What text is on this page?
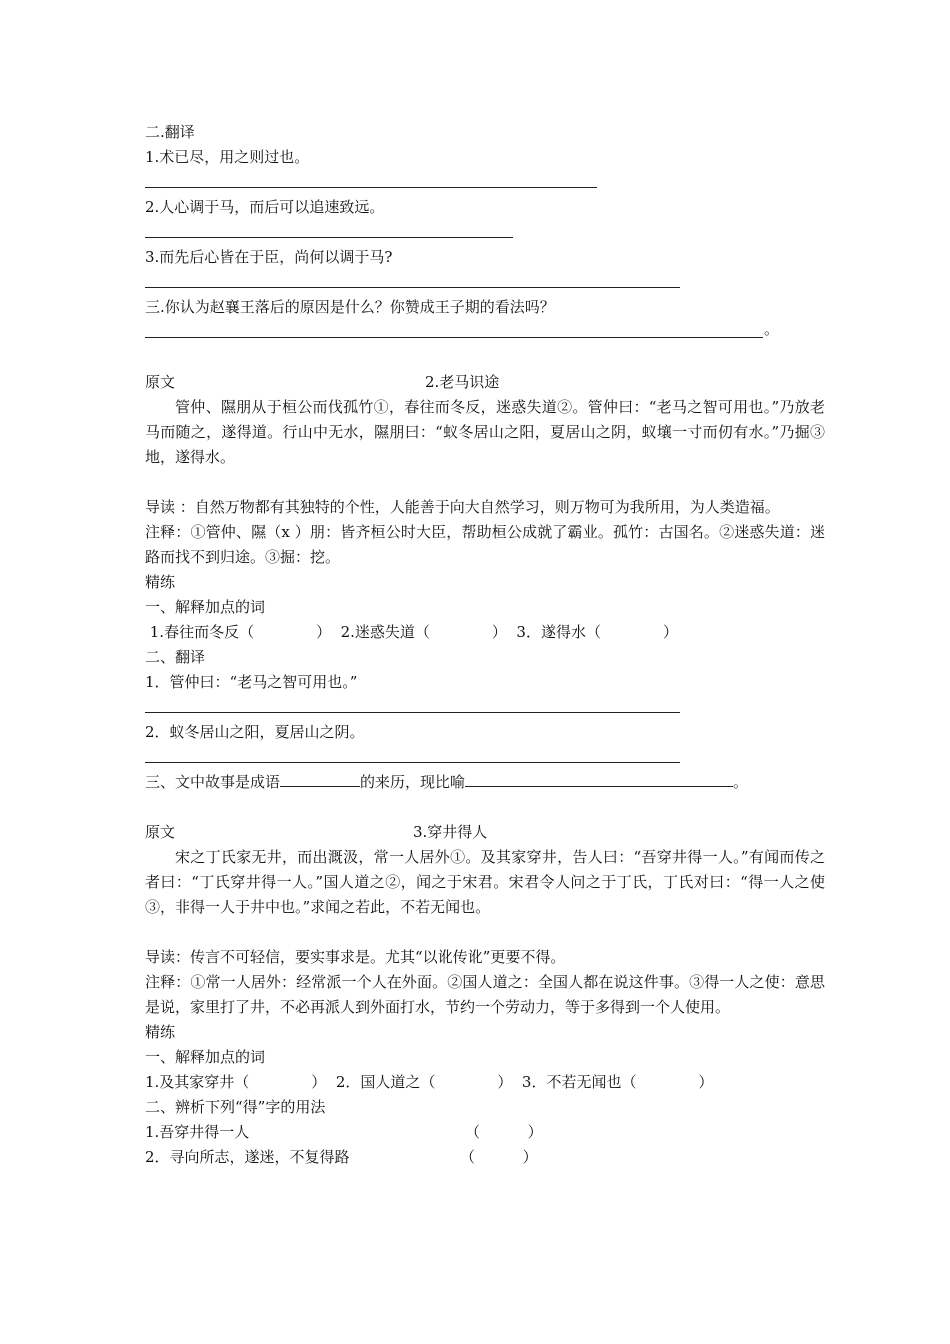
二.翻译
1.术已尽，用之则过也。
2.人心调于马，而后可以追速致远。
3.而先后心皆在于臣，尚何以调于马?
三.你认为赵襄王落后的原因是什么？你赞成王子期的看法吗？
。
原文	2.老马识途
管仲、隰朋从于桓公而伐孤竹①，春往而冬反，迷惑失道②。管仲曰：“老马之智可用也。”乃放老马而随之，遂得道。行山中无水，隰朋曰：“蚁冬居山之阳，夏居山之阴，蚁壤一寸而仞有水。”乃掘③地，遂得水。
导读 ：自然万物都有其独特的个性，人能善于向大自然学习，则万物可为我所用，为人类造福。
注释：①管仲、隰（x ）朋：皆齐桓公时大臣，帮助桓公成就了霸业。孤竹：古国名。②迷惑失道：迷路而找不到归途。③掘：挖。
精练
一、解释加点的词
1.春往而冬反（             ）  2.迷惑失道（             ）  3．遂得水（             ）
二、翻译
1．管仲曰：“老马之智可用也。”
2．蚁冬居山之阳，夏居山之阴。
三、文中故事是成语	的来历，现比喻	。
原文	3.穿井得人
宋之丁氏家无井，而出溉汲，常一人居外①。及其家穿井，告人曰：“吾穿井得一人。”有闻而传之者曰：“丁氏穿井得一人。”国人道之②，闻之于宋君。宋君令人问之于丁氏，丁氏对曰：“得一人之使③，非得一人于井中也。”求闻之若此，不若无闻也。
导读：传言不可轻信，要实事求是。尤其“以讹传讹”更要不得。
注释：①常一人居外：经常派一个人在外面。②国人道之：全国人都在说这件事。③得一人之使：意思是说，家里打了井，不必再派人到外面打水，节约一个劳动力，等于多得到一个人使用。
精练
一、解释加点的词
1.及其家穿井（             ）  2．国人道之（             ）  3．不若无闻也（             ）
二、辨析下列“得”字的用法
1.吾穿井得一人	（          ）
2．寻向所志，遂迷，不复得路	（          ）
